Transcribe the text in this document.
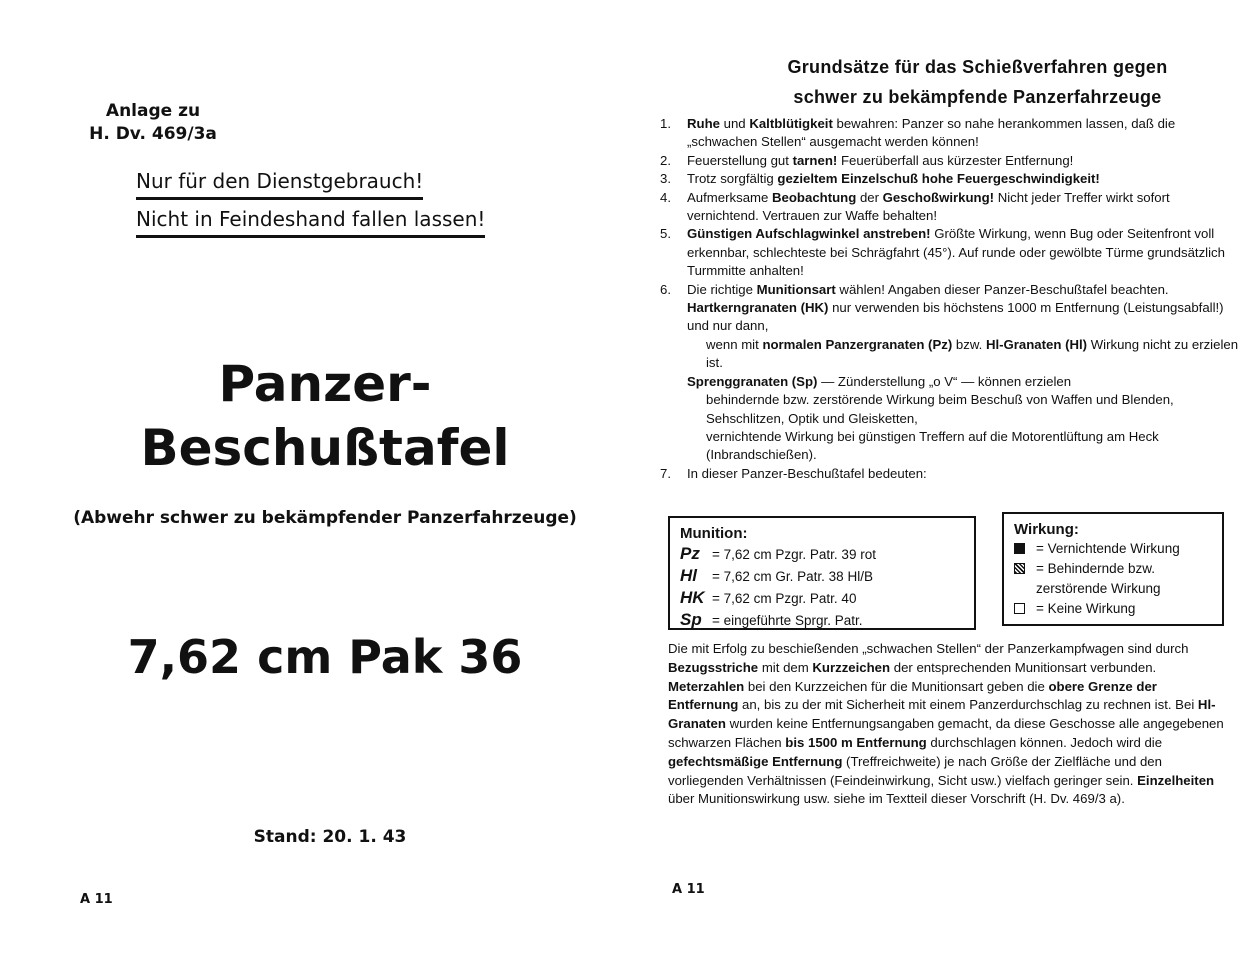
Anlage zu
H. Dv. 469/3a
Nur für den Dienstgebrauch!
Nicht in Feindeshand fallen lassen!
Panzer-
Beschußtafel
(Abwehr schwer zu bekämpfender Panzerfahrzeuge)
7,62 cm Pak 36
Stand: 20. 1. 43
A 11
Grundsätze für das Schießverfahren gegen
schwer zu bekämpfende Panzerfahrzeuge
1.	Ruhe und Kaltblütigkeit bewahren: Panzer so nahe herankommen lassen, daß die „schwachen Stellen“ ausgemacht werden können!
2.	Feuerstellung gut tarnen! Feuerüberfall aus kürzester Entfernung!
3.	Trotz sorgfältig gezieltem Einzelschuß hohe Feuergeschwindigkeit!
4.	Aufmerksame Beobachtung der Geschoßwirkung! Nicht jeder Treffer wirkt sofort vernichtend. Vertrauen zur Waffe behalten!
5.	Günstigen Aufschlagwinkel anstreben! Größte Wirkung, wenn Bug oder Seitenfront voll erkennbar, schlechteste bei Schrägfahrt (45°). Auf runde oder gewölbte Türme grundsätzlich Turmmitte anhalten!
6.	Die richtige Munitionsart wählen! Angaben dieser Panzer-Beschußtafel beachten. Hartkerngranaten (HK) nur verwenden bis höchstens 1000 m Entfernung (Leistungsabfall!) und nur dann,
wenn mit normalen Panzergranaten (Pz) bzw. Hl-Granaten (Hl) Wirkung nicht zu erzielen ist.
Sprenggranaten (Sp) — Zünderstellung „o V“ — können erzielen
behindernde bzw. zerstörende Wirkung beim Beschuß von Waffen und Blenden, Sehschlitzen, Optik und Gleisketten,
vernichtende Wirkung bei günstigen Treffern auf die Motorentlüftung am Heck (Inbrandschießen).
7.	In dieser Panzer-Beschußtafel bedeuten:
Munition:
Pz = 7,62 cm Pzgr. Patr. 39 rot
Hl = 7,62 cm Gr. Patr. 38 Hl/B
HK = 7,62 cm Pzgr. Patr. 40
Sp = eingeführte Sprgr. Patr.
Wirkung:
= Vernichtende Wirkung
= Behindernde bzw. zerstörende Wirkung
= Keine Wirkung

Die mit Erfolg zu beschießenden „schwachen Stellen“ der Panzerkampfwagen sind durch Bezugsstriche mit dem Kurzzeichen der entsprechenden Munitionsart verbunden. Meterzahlen bei den Kurzzeichen für die Munitionsart geben die obere Grenze der Entfernung an, bis zu der mit Sicherheit mit einem Panzerdurchschlag zu rechnen ist. Bei Hl-Granaten wurden keine Entfernungsangaben gemacht, da diese Geschosse alle angegebenen schwarzen Flächen bis 1500 m Entfernung durchschlagen können. Jedoch wird die gefechtsmäßige Entfernung (Treffreichweite) je nach Größe der Zielfläche und den vorliegenden Verhältnissen (Feindeinwirkung, Sicht usw.) vielfach geringer sein. Einzelheiten über Munitionswirkung usw. siehe im Textteil dieser Vorschrift (H. Dv. 469/3 a).

A 11
